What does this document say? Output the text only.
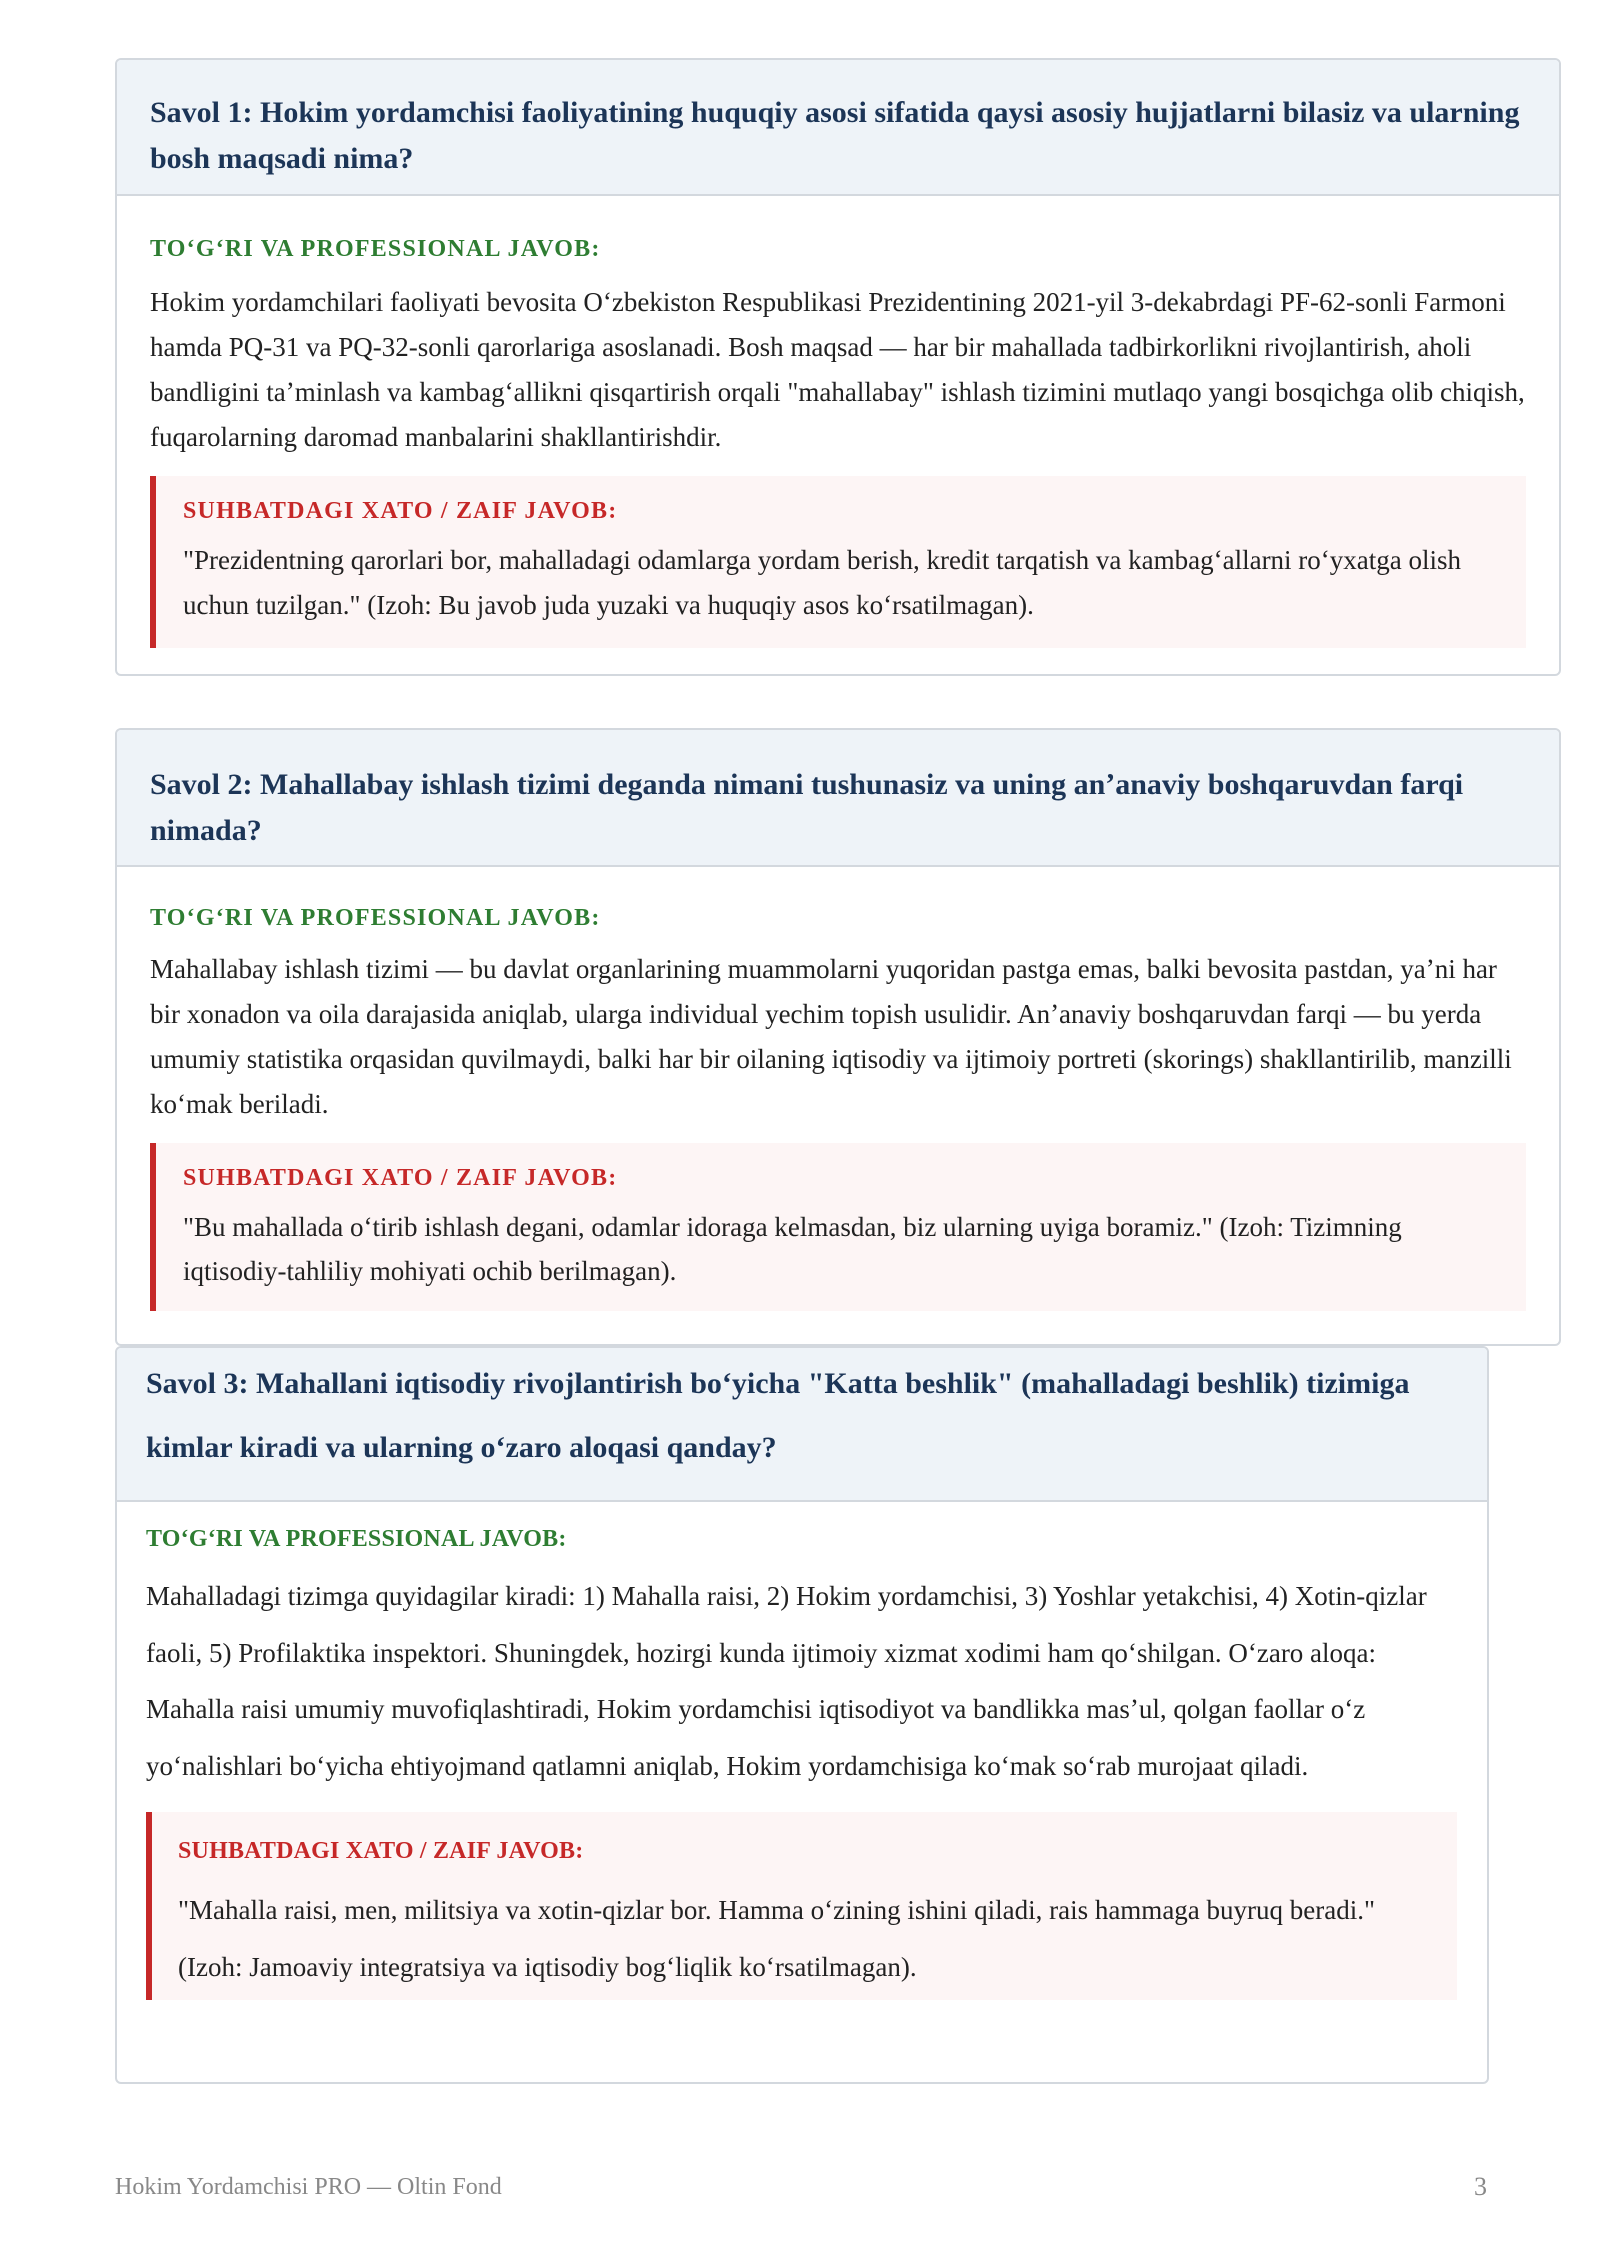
Savol 1: Hokim yordamchisi faoliyatining huquqiy asosi sifatida qaysi asosiy hujjatlarni bilasiz va ularning bosh maqsadi nima?
TOʻGʻRI VA PROFESSIONAL JAVOB:

Hokim yordamchilari faoliyati bevosita Oʻzbekiston Respublikasi Prezidentining 2021-yil 3-dekabrdagi PF-62-sonli Farmoni hamda PQ-31 va PQ-32-sonli qarorlariga asoslanadi. Bosh maqsad — har bir mahallada tadbirkorlikni rivojlantirish, aholi bandligini taʼminlash va kambagʻallikni qisqartirish orqali "mahallabay" ishlash tizimini mutlaqo yangi bosqichga olib chiqish, fuqarolarning daromad manbalarini shakllantirishdir.

SUHBATDAGI XATO / ZAIF JAVOB:

"Prezidentning qarorlari bor, mahalladagi odamlarga yordam berish, kredit tarqatish va kambagʻallarni roʻyxatga olish uchun tuzilgan." (Izoh: Bu javob juda yuzaki va huquqiy asos koʻrsatilmagan).

Savol 2: Mahallabay ishlash tizimi deganda nimani tushunasiz va uning anʼanaviy boshqaruvdan farqi nimada?
TOʻGʻRI VA PROFESSIONAL JAVOB:

Mahallabay ishlash tizimi — bu davlat organlarining muammolarni yuqoridan pastga emas, balki bevosita pastdan, yaʼni har bir xonadon va oila darajasida aniqlab, ularga individual yechim topish usulidir. Anʼanaviy boshqaruvdan farqi — bu yerda umumiy statistika orqasidan quvilmaydi, balki har bir oilaning iqtisodiy va ijtimoiy portreti (skorings) shakllantirilib, manzilli koʻmak beriladi.

SUHBATDAGI XATO / ZAIF JAVOB:

"Bu mahallada oʻtirib ishlash degani, odamlar idoraga kelmasdan, biz ularning uyiga boramiz." (Izoh: Tizimning iqtisodiy-tahliliy mohiyati ochib berilmagan).

Savol 3: Mahallani iqtisodiy rivojlantirish boʻyicha "Katta beshlik" (mahalladagi beshlik) tizimiga kimlar kiradi va ularning oʻzaro aloqasi qanday?
TOʻGʻRI VA PROFESSIONAL JAVOB:

Mahalladagi tizimga quyidagilar kiradi: 1) Mahalla raisi, 2) Hokim yordamchisi, 3) Yoshlar yetakchisi, 4) Xotin-qizlar faoli, 5) Profilaktika inspektori. Shuningdek, hozirgi kunda ijtimoiy xizmat xodimi ham qoʻshilgan. Oʻzaro aloqa: Mahalla raisi umumiy muvofiqlashtiradi, Hokim yordamchisi iqtisodiyot va bandlikka masʼul, qolgan faollar oʻz yoʻnalishlari boʻyicha ehtiyojmand qatlamni aniqlab, Hokim yordamchisiga koʻmak soʻrab murojaat qiladi.

SUHBATDAGI XATO / ZAIF JAVOB:

"Mahalla raisi, men, militsiya va xotin-qizlar bor. Hamma oʻzining ishini qiladi, rais hammaga buyruq beradi." (Izoh: Jamoaviy integratsiya va iqtisodiy bogʻliqlik koʻrsatilmagan).

Hokim Yordamchisi PRO — Oltin Fond	3
